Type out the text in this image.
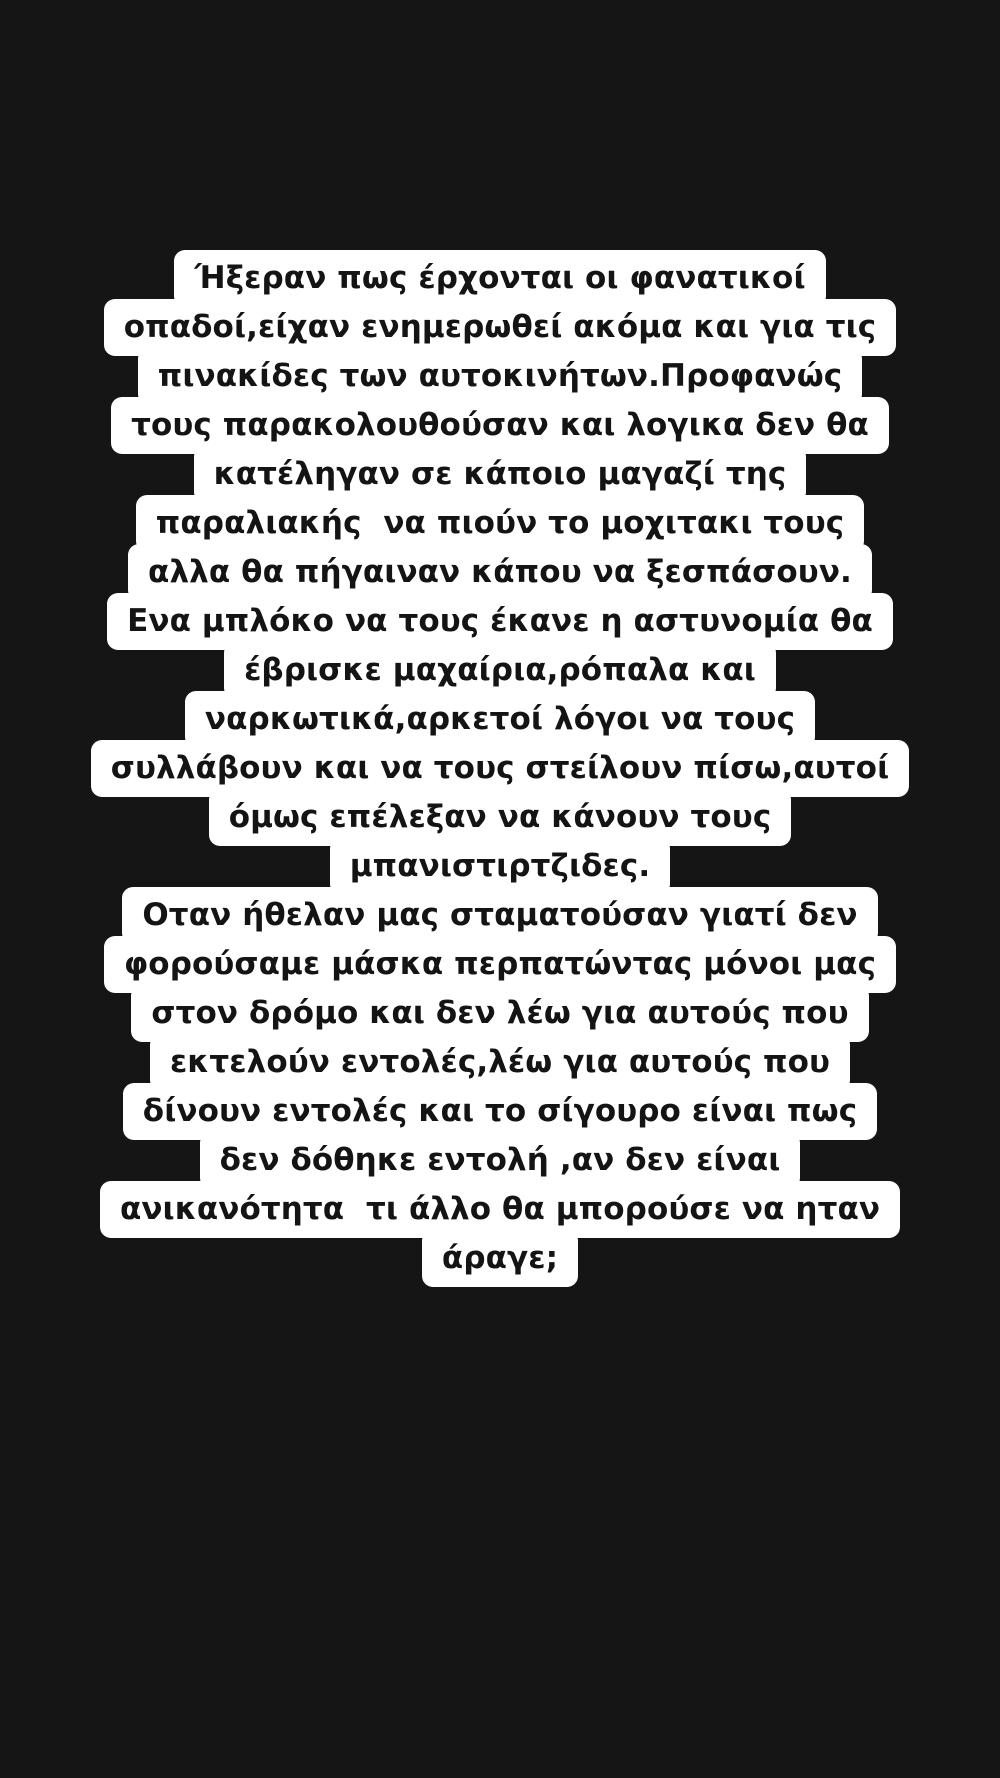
Ήξεραν πως έρχονται οι φανατικοί
οπαδοί,είχαν ενημερωθεί ακόμα και για τις
πινακίδες των αυτοκινήτων.Προφανώς
τους παρακολουθούσαν και λογικα δεν θα
κατέληγαν σε κάποιο μαγαζί της
παραλιακής  να πιούν το μοχιτακι τους
αλλα θα πήγαιναν κάπου να ξεσπάσουν.
Ενα μπλόκο να τους έκανε η αστυνομία θα
έβρισκε μαχαίρια,ρόπαλα και
ναρκωτικά,αρκετοί λόγοι να τους
συλλάβουν και να τους στείλουν πίσω,αυτοί
όμως επέλεξαν να κάνουν τους
μπανιστιρτζιδες.
Οταν ήθελαν μας σταματούσαν γιατί δεν
φορούσαμε μάσκα περπατώντας μόνοι μας
στον δρόμο και δεν λέω για αυτούς που
εκτελούν εντολές,λέω για αυτούς που
δίνουν εντολές και το σίγουρο είναι πως
δεν δόθηκε εντολή ,αν δεν είναι
ανικανότητα  τι άλλο θα μπορούσε να ηταν
άραγε;
